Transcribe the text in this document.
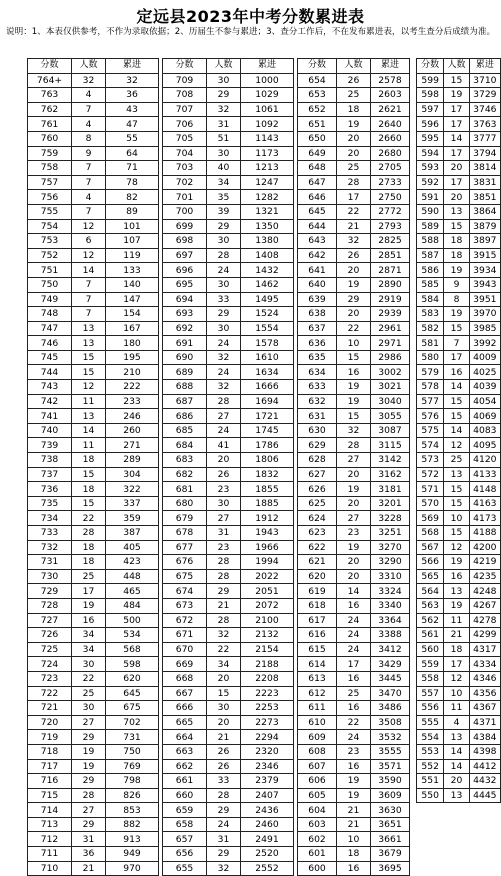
定远县2023年中考分数累进表
说明：1、本表仅供参考，不作为录取依据；2、历届生不参与累进；3、查分工作后，不在发布累进表，以考生查分后成绩为准。
分数	人数	累进
764+	32	32
763	4	36
762	7	43
761	4	47
760	8	55
759	9	64
758	7	71
757	7	78
756	4	82
755	7	89
754	12	101
753	6	107
752	12	119
751	14	133
750	7	140
749	7	147
748	7	154
747	13	167
746	13	180
745	15	195
744	15	210
743	12	222
742	11	233
741	13	246
740	14	260
739	11	271
738	18	289
737	15	304
736	18	322
735	15	337
734	22	359
733	28	387
732	18	405
731	18	423
730	25	448
729	17	465
728	19	484
727	16	500
726	34	534
725	34	568
724	30	598
723	22	620
722	25	645
721	30	675
720	27	702
719	29	731
718	19	750
717	19	769
716	29	798
715	28	826
714	27	853
713	29	882
712	31	913
711	36	949
710	21	970
分数	人数	累进
709	30	1000
708	29	1029
707	32	1061
706	31	1092
705	51	1143
704	30	1173
703	40	1213
702	34	1247
701	35	1282
700	39	1321
699	29	1350
698	30	1380
697	28	1408
696	24	1432
695	30	1462
694	33	1495
693	29	1524
692	30	1554
691	24	1578
690	32	1610
689	24	1634
688	32	1666
687	28	1694
686	27	1721
685	24	1745
684	41	1786
683	20	1806
682	26	1832
681	23	1855
680	30	1885
679	27	1912
678	31	1943
677	23	1966
676	28	1994
675	28	2022
674	29	2051
673	21	2072
672	28	2100
671	32	2132
670	22	2154
669	34	2188
668	20	2208
667	15	2223
666	30	2253
665	20	2273
664	21	2294
663	26	2320
662	26	2346
661	33	2379
660	28	2407
659	29	2436
658	24	2460
657	31	2491
656	29	2520
655	32	2552
分数	人数	累进
654	26	2578
653	25	2603
652	18	2621
651	19	2640
650	20	2660
649	20	2680
648	25	2705
647	28	2733
646	17	2750
645	22	2772
644	21	2793
643	32	2825
642	26	2851
641	20	2871
640	19	2890
639	29	2919
638	20	2939
637	22	2961
636	10	2971
635	15	2986
634	16	3002
633	19	3021
632	19	3040
631	15	3055
630	32	3087
629	28	3115
628	27	3142
627	20	3162
626	19	3181
625	20	3201
624	27	3228
623	23	3251
622	19	3270
621	20	3290
620	20	3310
619	14	3324
618	16	3340
617	24	3364
616	24	3388
615	24	3412
614	17	3429
613	16	3445
612	25	3470
611	16	3486
610	22	3508
609	24	3532
608	23	3555
607	16	3571
606	19	3590
605	19	3609
604	21	3630
603	21	3651
602	10	3661
601	18	3679
600	16	3695
分数	人数	累进
599	15	3710
598	19	3729
597	17	3746
596	17	3763
595	14	3777
594	17	3794
593	20	3814
592	17	3831
591	20	3851
590	13	3864
589	15	3879
588	18	3897
587	18	3915
586	19	3934
585	9	3943
584	8	3951
583	19	3970
582	15	3985
581	7	3992
580	17	4009
579	16	4025
578	14	4039
577	15	4054
576	15	4069
575	14	4083
574	12	4095
573	25	4120
572	13	4133
571	15	4148
570	15	4163
569	10	4173
568	15	4188
567	12	4200
566	19	4219
565	16	4235
564	13	4248
563	19	4267
562	11	4278
561	21	4299
560	18	4317
559	17	4334
558	12	4346
557	10	4356
556	11	4367
555	4	4371
554	13	4384
553	14	4398
552	14	4412
551	20	4432
550	13	4445
